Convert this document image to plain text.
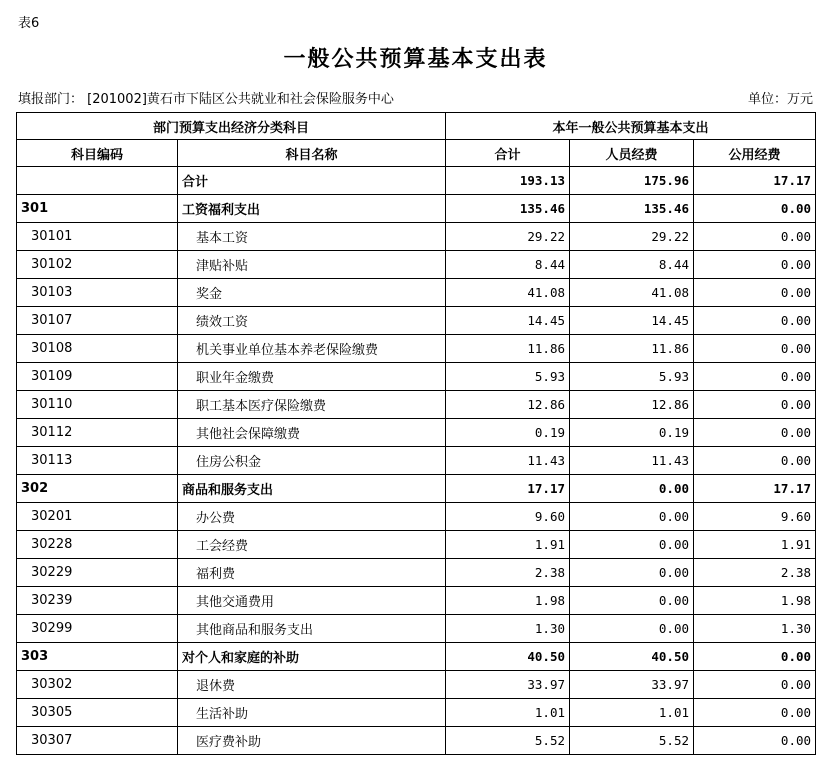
表6
一般公共预算基本支出表
填报部门： [201002]黄石市下陆区公共就业和社会保险服务中心	单位：万元
部门预算支出经济分类科目		本年一般公共预算基本支出		
科目编码	科目名称	合计	人员经费	公用经费
	合计	193.13	175.96	17.17
301	工资福利支出	135.46	135.46	0.00
30101	基本工资	29.22	29.22	0.00
30102	津贴补贴	8.44	8.44	0.00
30103	奖金	41.08	41.08	0.00
30107	绩效工资	14.45	14.45	0.00
30108	机关事业单位基本养老保险缴费	11.86	11.86	0.00
30109	职业年金缴费	5.93	5.93	0.00
30110	职工基本医疗保险缴费	12.86	12.86	0.00
30112	其他社会保障缴费	0.19	0.19	0.00
30113	住房公积金	11.43	11.43	0.00
302	商品和服务支出	17.17	0.00	17.17
30201	办公费	9.60	0.00	9.60
30228	工会经费	1.91	0.00	1.91
30229	福利费	2.38	0.00	2.38
30239	其他交通费用	1.98	0.00	1.98
30299	其他商品和服务支出	1.30	0.00	1.30
303	对个人和家庭的补助	40.50	40.50	0.00
30302	退休费	33.97	33.97	0.00
30305	生活补助	1.01	1.01	0.00
30307	医疗费补助	5.52	5.52	0.00
